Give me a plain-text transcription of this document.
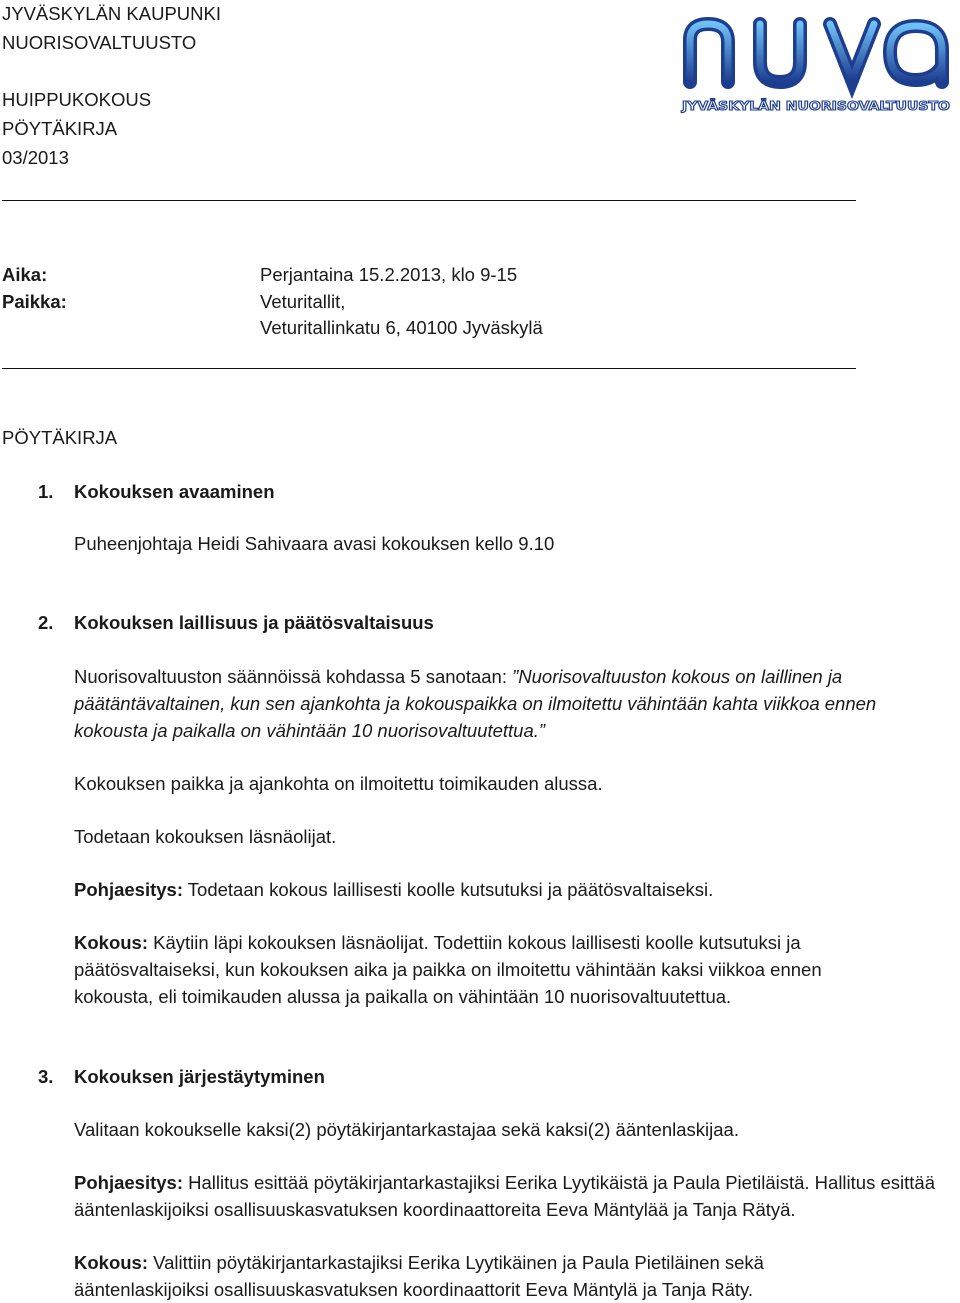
JYVÄSKYLÄN KAUPUNKI
NUORISOVALTUUSTO
HUIPPUKOKOUS
PÖYTÄKIRJA
03/2013
JYVÄSKYLÄN NUORISOVALTUUSTO
Aika:	Perjantaina 15.2.2013, klo 9-15
Paikka:	Veturitallit,
Veturitallinkatu 6, 40100 Jyväskylä
PÖYTÄKIRJA
1. Kokouksen avaaminen
Puheenjohtaja Heidi Sahivaara avasi kokouksen kello 9.10
2. Kokouksen laillisuus ja päätösvaltaisuus
Nuorisovaltuuston säännöissä kohdassa 5 sanotaan: ”Nuorisovaltuuston kokous on laillinen ja päätäntävaltainen, kun sen ajankohta ja kokouspaikka on ilmoitettu vähintään kahta viikkoa ennen kokousta ja paikalla on vähintään 10 nuorisovaltuutettua.”
Kokouksen paikka ja ajankohta on ilmoitettu toimikauden alussa.
Todetaan kokouksen läsnäolijat.
Pohjaesitys: Todetaan kokous laillisesti koolle kutsutuksi ja päätösvaltaiseksi.
Kokous: Käytiin läpi kokouksen läsnäolijat. Todettiin kokous laillisesti koolle kutsutuksi ja päätösvaltaiseksi, kun kokouksen aika ja paikka on ilmoitettu vähintään kaksi viikkoa ennen kokousta, eli toimikauden alussa ja paikalla on vähintään 10 nuorisovaltuutettua.
3. Kokouksen järjestäytyminen
Valitaan kokoukselle kaksi(2) pöytäkirjantarkastajaa sekä kaksi(2) ääntenlaskijaa.
Pohjaesitys: Hallitus esittää pöytäkirjantarkastajiksi Eerika Lyytikäistä ja Paula Pietiläistä. Hallitus esittää ääntenlaskijoiksi osallisuuskasvatuksen koordinaattoreita Eeva Mäntylää ja Tanja Rätyä.
Kokous: Valittiin pöytäkirjantarkastajiksi Eerika Lyytikäinen ja Paula Pietiläinen sekä ääntenlaskijoiksi osallisuuskasvatuksen koordinaattorit Eeva Mäntylä ja Tanja Räty.
